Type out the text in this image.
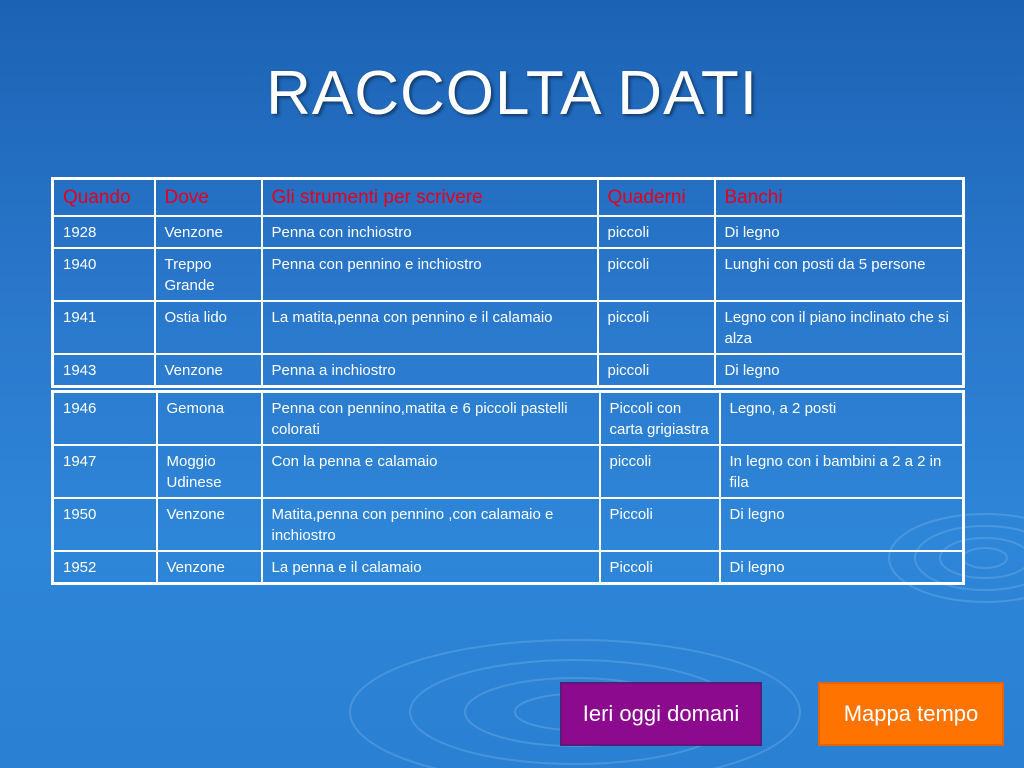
RACCOLTA DATI
Quando	Dove	Gli strumenti per scrivere	Quaderni	Banchi
1928	Venzone	Penna con inchiostro	piccoli	Di legno
1940	Treppo Grande	Penna con pennino e inchiostro	piccoli	Lunghi con posti da 5 persone
1941	Ostia lido	La matita,penna con pennino e il calamaio	piccoli	Legno con il piano inclinato che si alza
1943	Venzone	Penna a inchiostro	piccoli	Di legno
1946	Gemona	Penna con pennino,matita e 6 piccoli pastelli colorati	Piccoli con carta grigiastra	Legno, a 2 posti
1947	Moggio Udinese	Con la penna e calamaio	piccoli	In legno con i bambini a 2 a 2 in fila
1950	Venzone	Matita,penna con pennino ,con calamaio e inchiostro	Piccoli	Di legno
1952	Venzone	La penna e il calamaio	Piccoli	Di legno
Ieri oggi domani	Mappa tempo
